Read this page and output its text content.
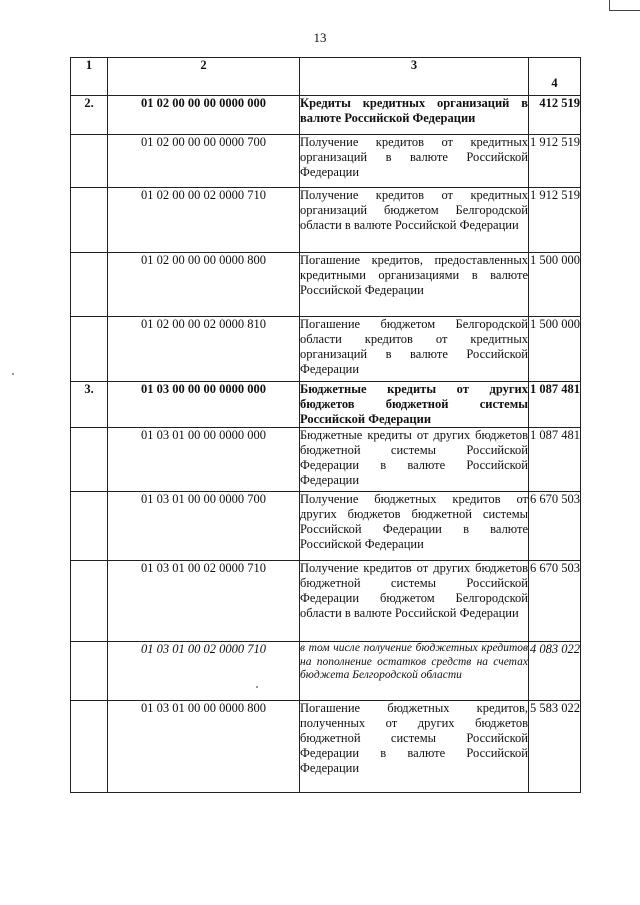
13
1	2	3	4
2.	01 02 00 00 00 0000 000	Кредиты кредитных организаций в валюте Российской Федерации	412 519
	01 02 00 00 00 0000 700	Получение кредитов от кредитных организаций в валюте Российской Федерации	1 912 519
	01 02 00 00 02 0000 710	Получение кредитов от кредитных организаций бюджетом Белгородской области в валюте Российской Федерации	1 912 519
	01 02 00 00 00 0000 800	Погашение кредитов, предоставленных кредитными организациями в валюте Российской Федерации	1 500 000
	01 02 00 00 02 0000 810	Погашение бюджетом Белгородской области кредитов от кредитных организаций в валюте Российской Федерации	1 500 000
3.	01 03 00 00 00 0000 000	Бюджетные кредиты от других бюджетов бюджетной системы Российской Федерации	1 087 481
	01 03 01 00 00 0000 000	Бюджетные кредиты от других бюджетов бюджетной системы Российской Федерации в валюте Российской Федерации	1 087 481
	01 03 01 00 00 0000 700	Получение бюджетных кредитов от других бюджетов бюджетной системы Российской Федерации в валюте Российской Федерации	6 670 503
	01 03 01 00 02 0000 710	Получение кредитов от других бюджетов бюджетной системы Российской Федерации бюджетом Белгородской области в валюте Российской Федерации	6 670 503
	01 03 01 00 02 0000 710	в том числе получение бюджетных кредитов на пополнение остатков средств на счетах бюджета Белгородской области	4 083 022
	01 03 01 00 00 0000 800	Погашение бюджетных кредитов, полученных от других бюджетов бюджетной системы Российской Федерации в валюте Российской Федерации	5 583 022
